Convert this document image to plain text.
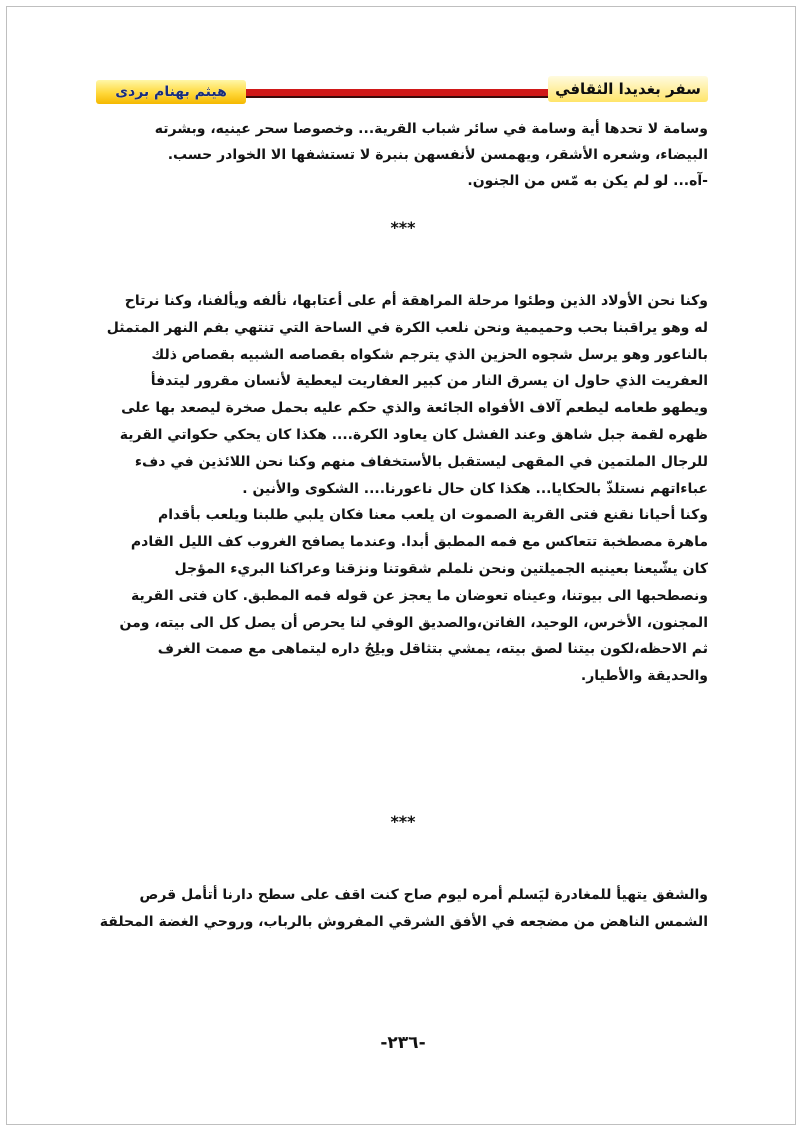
هيثم بهنام بردى	سفر بغديدا الثقافي
وسامة لا تحدها أية وسامة في سائر شباب القرية... وخصوصا سحر عينيه، وبشرته
البيضاء، وشعره الأشقر، ويهمسن لأنفسهن بنبرة لا تستشفها الا الخوادر حسب.
-آه... لو لم يكن به مّس من الجنون.
***
وكنا نحن الأولاد الذين وطئوا مرحلة المراهقة أم على أعتابها، نألفه ويألفنا، وكنا نرتاح
له وهو يراقبنا بحب وحميمية ونحن نلعب الكرة في الساحة التي تنتهي بفم النهر المتمثل
بالناعور وهو يرسل شجوه الحزين الذي يترجم شكواه بقصاصه الشبيه بقصاص ذلك
العفريت الذي حاول ان يسرق النار من كبير العفاريت ليعطية لأنسان مقرور ليتدفأ
ويطهو طعامه ليطعم آلاف الأفواه الجائعة والذي حكم عليه بحمل صخرة ليصعد بها على
ظهره لقمة جبل شاهق وعند الفشل كان يعاود الكرة.... هكذا كان يحكي حكواتي القرية
للرجال الملتمين في المقهى ليستقبل بالأستخفاف منهم وكنا نحن اللائذين في دفء
عباءاتهم نستلذّ بالحكايا... هكذا كان حال ناعورنا.... الشكوى والأنين .
وكنا أحيانا نقنع فتى القرية الصموت ان يلعب معنا فكان يلبي طلبنا ويلعب بأقدام
ماهرة مصطخبة تتعاكس مع فمه المطبق أبدا. وعندما يصافح الغروب كف الليل القادم
كان يشّيعنا بعينيه الجميلتين ونحن نلملم شقوتنا ونزقنا وعراكنا البريء المؤجل
ونصطحبها الى بيوتنا، وعيناه تعوضان ما يعجز عن قوله فمه المطبق. كان فتى القرية
المجنون، الأخرس، الوحيد، الفاتن،والصديق الوفي لنا يحرص أن يصل كل الى بيته، ومن
ثم الاحظه،لكون بيتنا لصق بيته، يمشي بتثاقل ويلِجُ داره ليتماهى مع صمت الغرف
والحديقة والأطيار.
***
والشفق يتهيأ للمغادرة ليَسلم أمره ليوم صاح كنت اقف على سطح دارنا أتأمل قرص
الشمس الناهض من مضجعه في الأفق الشرقي المفروش بالرباب، وروحي الغضة المحلقة
-٢٣٦-
